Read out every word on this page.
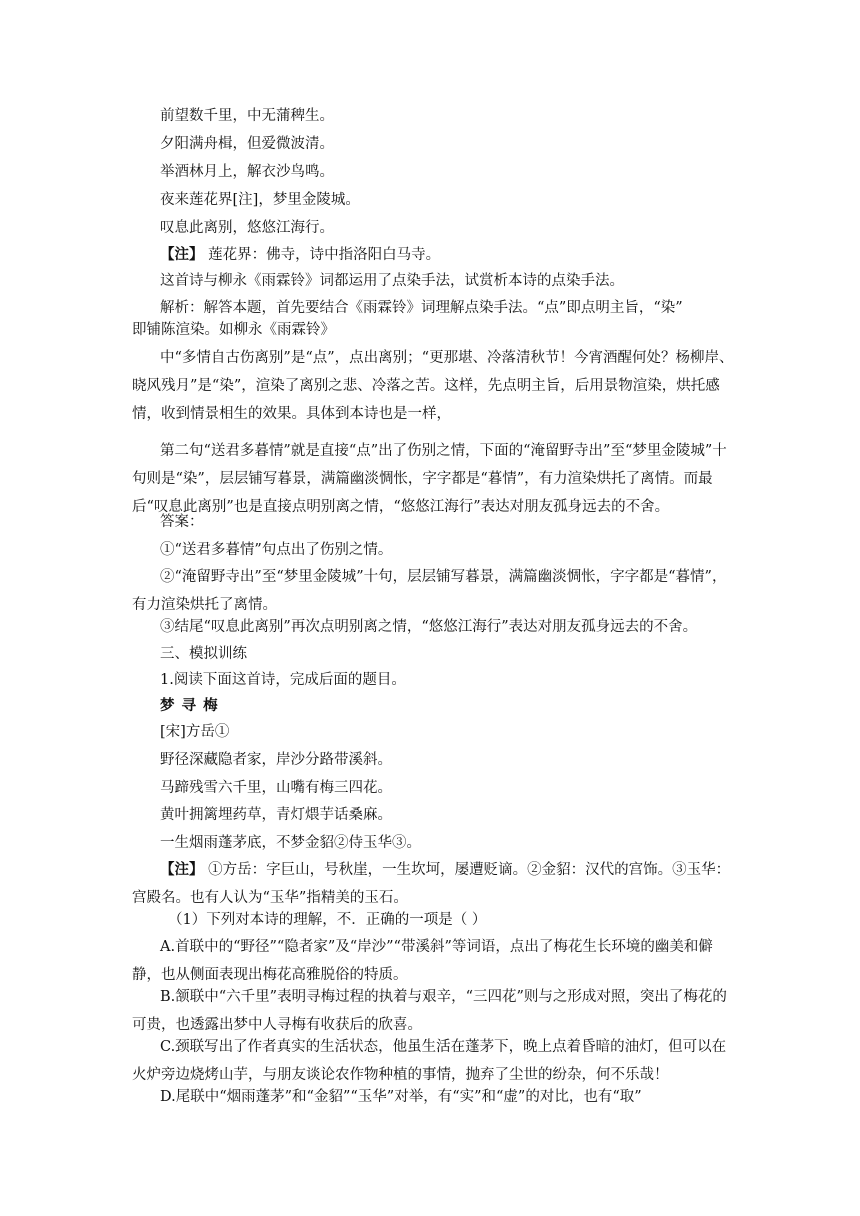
前望数千里，中无蒲稗生。

夕阳满舟楫，但爱微波清。

举酒林月上，解衣沙鸟鸣。

夜来莲花界[注]，梦里金陵城。

叹息此离别，悠悠江海行。

【注】 莲花界：佛寺，诗中指洛阳白马寺。

这首诗与柳永《雨霖铃》词都运用了点染手法，试赏析本诗的点染手法。

解析：解答本题，首先要结合《雨霖铃》词理解点染手法。“点”即点明主旨，“染”

即铺陈渲染。如柳永《雨霖铃》

中“多情自古伤离别”是“点”，点出离别；“更那堪、冷落清秋节！今宵酒醒何处？杨柳岸、晓风残月”是“染”，渲染了离别之悲、冷落之苦。这样，先点明主旨，后用景物渲染，烘托感情，收到情景相生的效果。具体到本诗也是一样，

第二句“送君多暮情”就是直接“点”出了伤别之情，下面的“淹留野寺出”至“梦里金陵城”十句则是“染”，层层铺写暮景，满篇幽淡惆怅，字字都是“暮情”，有力渲染烘托了离情。而最后“叹息此离别”也是直接点明别离之情，“悠悠江海行”表达对朋友孤身远去的不舍。

答案：

①“送君多暮情”句点出了伤别之情。

②“淹留野寺出”至“梦里金陵城”十句，层层铺写暮景，满篇幽淡惆怅，字字都是“暮情”，有力渲染烘托了离情。

③结尾“叹息此离别”再次点明别离之情，“悠悠江海行”表达对朋友孤身远去的不舍。

三、模拟训练

1.阅读下面这首诗，完成后面的题目。

梦 寻 梅

[宋]方岳①

野径深藏隐者家，岸沙分路带溪斜。

马蹄残雪六千里，山嘴有梅三四花。

黄叶拥篱埋药草，青灯煨芋话桑麻。

一生烟雨蓬茅底，不梦金貂②侍玉华③。

【注】 ①方岳：字巨山，号秋崖，一生坎坷，屡遭贬谪。②金貂：汉代的宫饰。③玉华：宫殿名。也有人认为“玉华”指精美的玉石。

（1）下列对本诗的理解，不．正确的一项是（ ）

A.首联中的“野径”“隐者家”及“岸沙”“带溪斜”等词语，点出了梅花生长环境的幽美和僻静，也从侧面表现出梅花高雅脱俗的特质。

B.颔联中“六千里”表明寻梅过程的执着与艰辛，“三四花”则与之形成对照，突出了梅花的可贵，也透露出梦中人寻梅有收获后的欣喜。

C.颈联写出了作者真实的生活状态，他虽生活在蓬茅下，晚上点着昏暗的油灯，但可以在火炉旁边烧烤山芋，与朋友谈论农作物种植的事情，抛弃了尘世的纷杂，何不乐哉！

D.尾联中“烟雨蓬茅”和“金貂”“玉华”对举，有“实”和“虚”的对比，也有“取”
